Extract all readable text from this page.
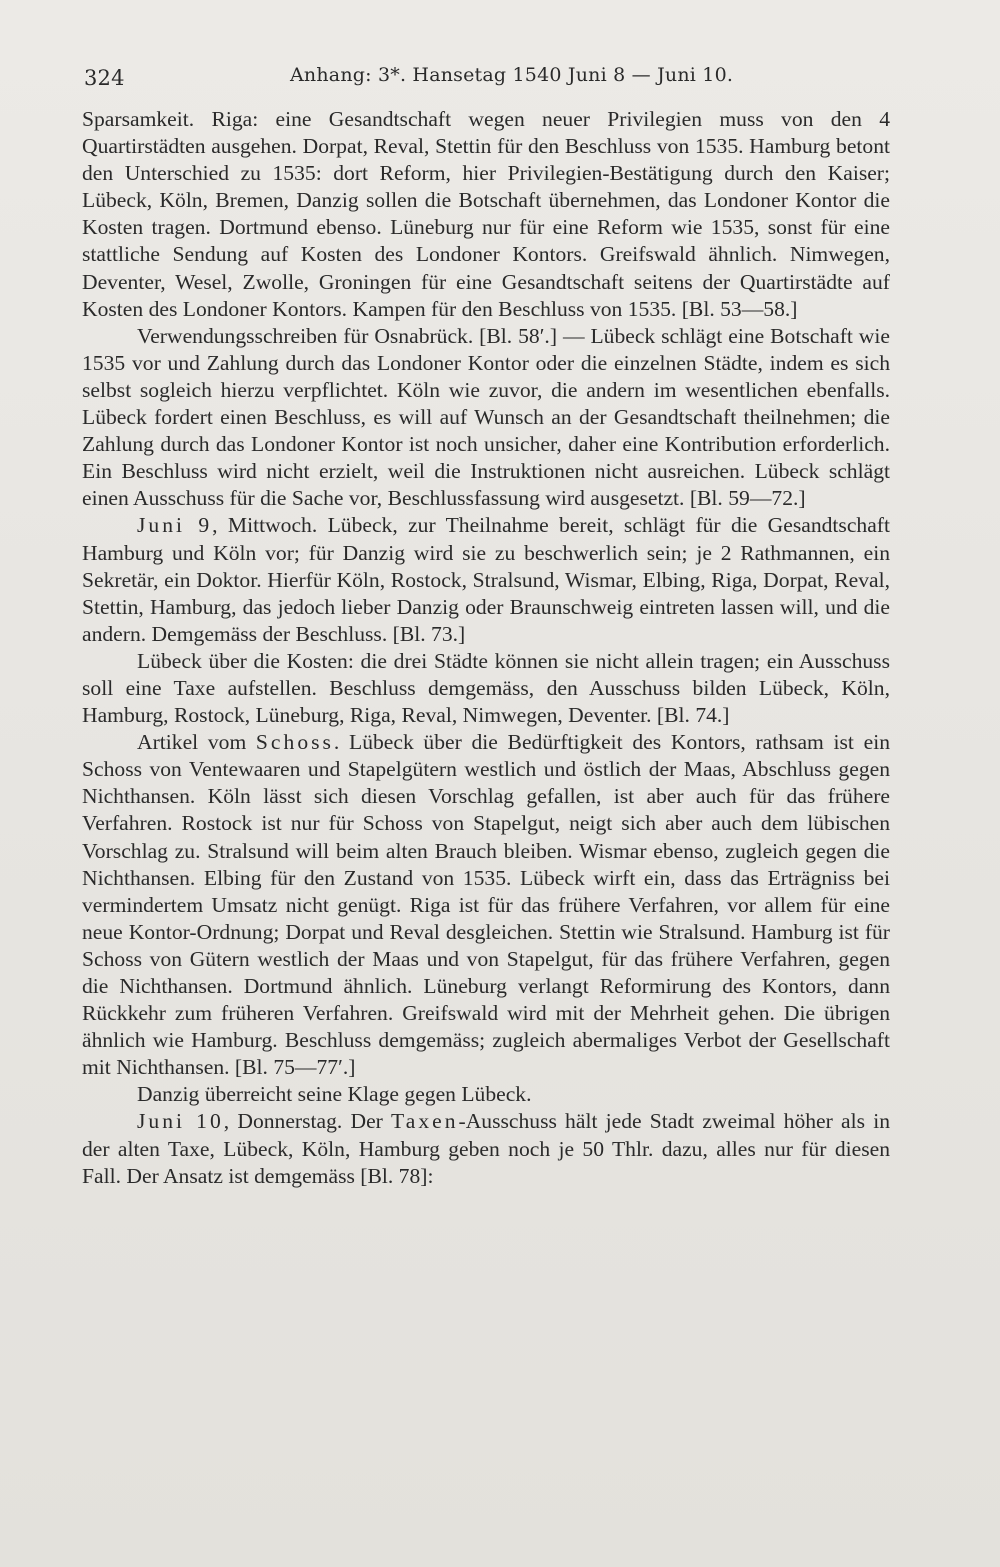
324	Anhang: 3*. Hansetag 1540 Juni 8 — Juni 10.

Sparsamkeit. Riga: eine Gesandtschaft wegen neuer Privilegien muss von den 4 Quartirstädten ausgehen. Dorpat, Reval, Stettin für den Beschluss von 1535. Hamburg betont den Unterschied zu 1535: dort Reform, hier Privilegien-Bestätigung durch den Kaiser; Lübeck, Köln, Bremen, Danzig sollen die Botschaft übernehmen, das Londoner Kontor die Kosten tragen. Dortmund ebenso. Lüneburg nur für eine Reform wie 1535, sonst für eine stattliche Sendung auf Kosten des Londoner Kontors. Greifswald ähnlich. Nimwegen, Deventer, Wesel, Zwolle, Groningen für eine Gesandtschaft seitens der Quartirstädte auf Kosten des Londoner Kontors. Kampen für den Beschluss von 1535. [Bl. 53—58.]

Verwendungsschreiben für Osnabrück. [Bl. 58′.] — Lübeck schlägt eine Botschaft wie 1535 vor und Zahlung durch das Londoner Kontor oder die einzelnen Städte, indem es sich selbst sogleich hierzu verpflichtet. Köln wie zuvor, die andern im wesentlichen ebenfalls. Lübeck fordert einen Beschluss, es will auf Wunsch an der Gesandtschaft theilnehmen; die Zahlung durch das Londoner Kontor ist noch unsicher, daher eine Kontribution erforderlich. Ein Beschluss wird nicht erzielt, weil die Instruktionen nicht ausreichen. Lübeck schlägt einen Ausschuss für die Sache vor, Beschlussfassung wird ausgesetzt. [Bl. 59—72.]

Juni 9, Mittwoch. Lübeck, zur Theilnahme bereit, schlägt für die Gesandtschaft Hamburg und Köln vor; für Danzig wird sie zu beschwerlich sein; je 2 Rathmannen, ein Sekretär, ein Doktor. Hierfür Köln, Rostock, Stralsund, Wismar, Elbing, Riga, Dorpat, Reval, Stettin, Hamburg, das jedoch lieber Danzig oder Braunschweig eintreten lassen will, und die andern. Demgemäss der Beschluss. [Bl. 73.]

Lübeck über die Kosten: die drei Städte können sie nicht allein tragen; ein Ausschuss soll eine Taxe aufstellen. Beschluss demgemäss, den Ausschuss bilden Lübeck, Köln, Hamburg, Rostock, Lüneburg, Riga, Reval, Nimwegen, Deventer. [Bl. 74.]

Artikel vom Schoss. Lübeck über die Bedürftigkeit des Kontors, rathsam ist ein Schoss von Ventewaaren und Stapelgütern westlich und östlich der Maas, Abschluss gegen Nichthansen. Köln lässt sich diesen Vorschlag gefallen, ist aber auch für das frühere Verfahren. Rostock ist nur für Schoss von Stapelgut, neigt sich aber auch dem lübischen Vorschlag zu. Stralsund will beim alten Brauch bleiben. Wismar ebenso, zugleich gegen die Nichthansen. Elbing für den Zustand von 1535. Lübeck wirft ein, dass das Erträgniss bei vermindertem Umsatz nicht genügt. Riga ist für das frühere Verfahren, vor allem für eine neue Kontor-Ordnung; Dorpat und Reval desgleichen. Stettin wie Stralsund. Hamburg ist für Schoss von Gütern westlich der Maas und von Stapelgut, für das frühere Verfahren, gegen die Nichthansen. Dortmund ähnlich. Lüneburg verlangt Reformirung des Kontors, dann Rückkehr zum früheren Verfahren. Greifswald wird mit der Mehrheit gehen. Die übrigen ähnlich wie Hamburg. Beschluss demgemäss; zugleich abermaliges Verbot der Gesellschaft mit Nichthansen. [Bl. 75—77′.]

Danzig überreicht seine Klage gegen Lübeck.

Juni 10, Donnerstag. Der Taxen-Ausschuss hält jede Stadt zweimal höher als in der alten Taxe, Lübeck, Köln, Hamburg geben noch je 50 Thlr. dazu, alles nur für diesen Fall. Der Ansatz ist demgemäss [Bl. 78]:
